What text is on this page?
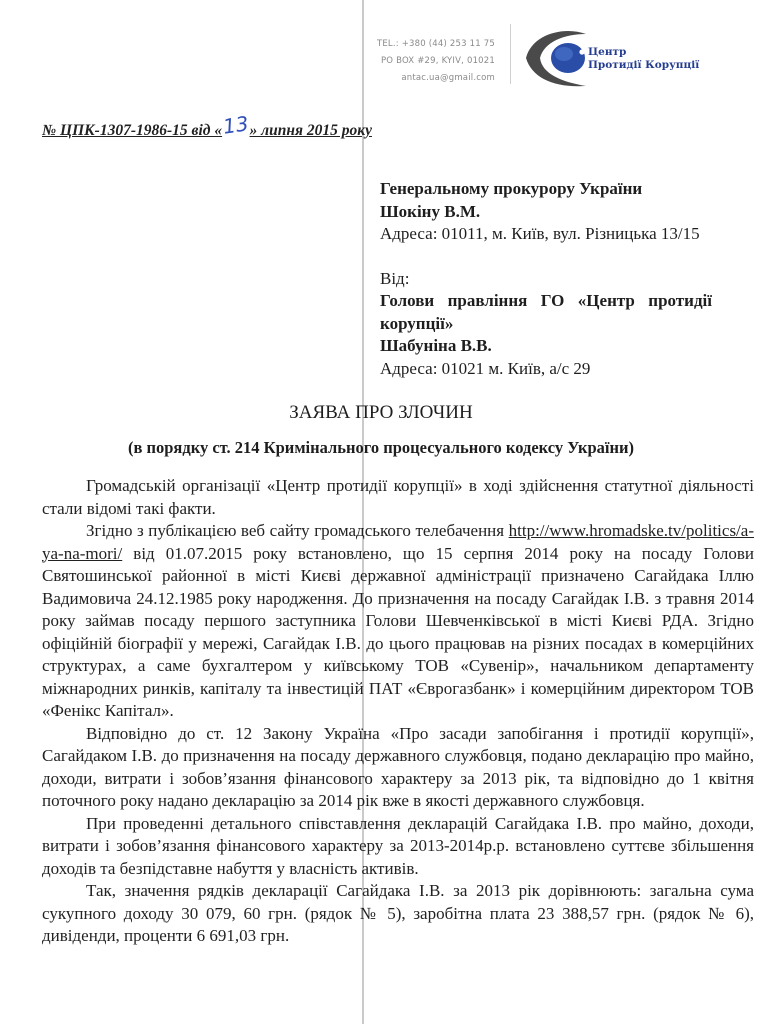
TEL.: +380 (44) 253 11 75
PO BOX #29, KYIV, 01021
antac.ua@gmail.com
Центр
Протидії Корупції
№ ЦПК-1307-1986-15 від «13» липня 2015 року
Генеральному прокурору України
Шокіну В.М.
Адреса: 01011, м. Київ, вул. Різницька 13/15
Від:
Голови правління ГО «Центр протидії
корупції»
Шабуніна В.В.
Адреса: 01021 м. Київ, а/с 29
ЗАЯВА ПРО ЗЛОЧИН
(в порядку ст. 214 Кримінального процесуального кодексу України)

Громадській організації «Центр протидії корупції» в ході здійснення статутної діяльності стали відомі такі факти.

Згідно з публікацією веб сайту громадського телебачення http://www.hromadske.tv/politics/a-ya-na-mori/ від 01.07.2015 року встановлено, що 15 серпня 2014 року на посаду Голови Святошинської районної в місті Києві державної адміністрації призначено Сагайдака Іллю Вадимовича 24.12.1985 року народження. До призначення на посаду Сагайдак І.В. з травня 2014 року займав посаду першого заступника Голови Шевченківської в місті Києві РДА. Згідно офіційній біографії у мережі, Сагайдак І.В. до цього працював на різних посадах в комерційних структурах, а саме бухгалтером у київському ТОВ «Сувенір», начальником департаменту міжнародних ринків, капіталу та інвестицій ПАТ «Єврогазбанк» і комерційним директором ТОВ «Фенікс Капітал».

Відповідно до ст. 12 Закону Україна «Про засади запобігання і протидії корупції», Сагайдаком І.В. до призначення на посаду державного службовця, подано декларацію про майно, доходи, витрати і зобов’язання фінансового характеру за 2013 рік, та відповідно до 1 квітня поточного року надано декларацію за 2014 рік вже в якості державного службовця.

При проведенні детального співставлення декларацій Сагайдака І.В. про майно, доходи, витрати і зобов’язання фінансового характеру за 2013-2014р.р. встановлено суттєве збільшення доходів та безпідставне набуття у власність активів.

Так, значення рядків декларації Сагайдака І.В. за 2013 рік дорівнюють: загальна сума сукупного доходу 30 079, 60 грн. (рядок № 5), заробітна плата 23 388,57 грн. (рядок № 6), дивіденди, проценти 6 691,03 грн.
